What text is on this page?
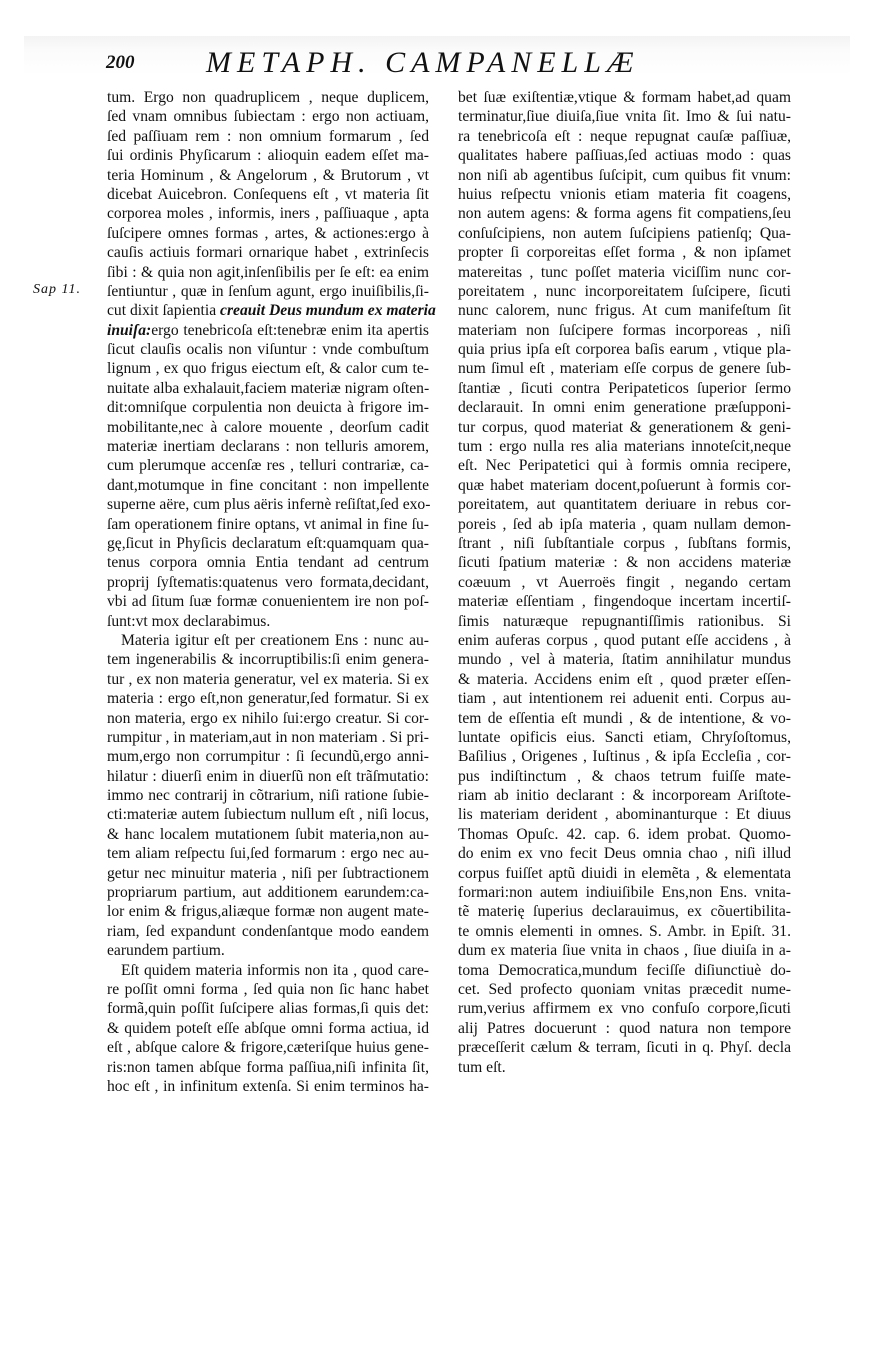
200 METAPH. CAMPANELLÆ
Sap 11.
tum. Ergo non quadruplicem , neque duplicem,
ſed vnam omnibus ſubiectam : ergo non actiuam,
ſed paſſiuam rem : non omnium formarum , ſed
ſui ordinis Phyſicarum : alioquin eadem eſſet ma-
teria Hominum , & Angelorum , & Brutorum , vt
dicebat Auicebron. Conſequens eſt , vt materia ſit
corporea moles , informis, iners , paſſiuaque , apta
ſuſcipere omnes formas , artes, & actiones:ergo à
cauſis actiuis formari ornarique habet , extrinſecis
ſibi : & quia non agit,inſenſibilis per ſe eſt: ea enim
ſentiuntur , quæ in ſenſum agunt, ergo inuiſibilis,ſi-
cut dixit ſapientia creauit Deus mundum ex materia
inuiſa:ergo tenebricoſa eſt:tenebræ enim ita apertis
ſicut clauſis ocalis non viſuntur : vnde combuſtum
lignum , ex quo frigus eiectum eſt, & calor cum te-
nuitate alba exhalauit,faciem materiæ nigram oſten-
dit:omniſque corpulentia non deuicta à frigore im-
mobilitante,nec à calore mouente , deorſum cadit
materiæ inertiam declarans : non telluris amorem,
cum plerumque accenſæ res , telluri contrariæ, ca-
dant,motumque in fine concitant : non impellente
superne aëre, cum plus aëris infernè reſiſtat,ſed exo-
ſam operationem finire optans, vt animal in fine ſu-
gę,ſicut in Phyſicis declaratum eſt:quamquam qua-
tenus corpora omnia Entia tendant ad centrum
proprij ſyſtematis:quatenus vero formata,decidant,
vbi ad ſitum ſuæ formæ conuenientem ire non poſ-
ſunt:vt mox declarabimus.
Materia igitur eſt per creationem Ens : nunc au-
tem ingenerabilis & incorruptibilis:ſi enim genera-
tur , ex non materia generatur, vel ex materia. Si ex
materia : ergo eſt,non generatur,ſed formatur. Si ex
non materia, ergo ex nihilo ſui:ergo creatur. Si cor-
rumpitur , in materiam,aut in non materiam . Si pri-
mum,ergo non corrumpitur : ſi ſecundũ,ergo anni-
hilatur : diuerſi enim in diuerſũ non eſt trãſmutatio:
immo nec contrarij in cõtrarium, niſi ratione ſubie-
cti:materiæ autem ſubiectum nullum eſt , niſi locus,
& hanc localem mutationem ſubit materia,non au-
tem aliam reſpectu ſui,ſed formarum : ergo nec au-
getur nec minuitur materia , niſi per ſubtractionem
propriarum partium, aut additionem earundem:ca-
lor enim & frigus,aliæque formæ non augent mate-
riam, ſed expandunt condenſantque modo eandem
earundem partium.
Eſt quidem materia informis non ita , quod care-
re poſſit omni forma , ſed quia non ſic hanc habet
formã,quin poſſit ſuſcipere alias formas,ſi quis det:
& quidem poteſt eſſe abſque omni forma actiua, id
eſt , abſque calore & frigore,cæteriſque huius gene-
ris:non tamen abſque forma paſſiua,niſi infinita ſit,
hoc eſt , in infinitum extenſa. Si enim terminos ha-
bet ſuæ exiſtentiæ,vtique & formam habet,ad quam
terminatur,ſiue diuiſa,ſiue vnita ſit. Imo & ſui natu-
ra tenebricoſa eſt : neque repugnat cauſæ paſſiuæ,
qualitates habere paſſiuas,ſed actiuas modo : quas
non niſi ab agentibus ſuſcipit, cum quibus fit vnum:
huius reſpectu vnionis etiam materia fit coagens,
non autem agens: & forma agens fit compatiens,ſeu
conſuſcipiens, non autem ſuſcipiens patienſq; Qua-
propter ſi corporeitas eſſet forma , & non ipſamet
matereitas , tunc poſſet materia viciſſim nunc cor-
poreitatem , nunc incorporeitatem ſuſcipere, ſicuti
nunc calorem, nunc frigus. At cum manifeſtum ſit
materiam non ſuſcipere formas incorporeas , niſi
quia prius ipſa eſt corporea baſis earum , vtique pla-
num ſimul eſt , materiam eſſe corpus de genere ſub-
ſtantiæ , ſicuti contra Peripateticos ſuperior ſermo
declarauit. In omni enim generatione præſupponi-
tur corpus, quod materiat & generationem & geni-
tum : ergo nulla res alia materians innoteſcit,neque
eſt. Nec Peripatetici qui à formis omnia recipere,
quæ habet materiam docent,poſuerunt à formis cor-
poreitatem, aut quantitatem deriuare in rebus cor-
poreis , ſed ab ipſa materia , quam nullam demon-
ſtrant , niſi ſubſtantiale corpus , ſubſtans formis,
ſicuti ſpatium materiæ : & non accidens materiæ
coæuum , vt Auerroës fingit , negando certam
materiæ eſſentiam , fingendoque incertam incertiſ-
ſimis naturæque repugnantiſſimis rationibus. Si
enim auferas corpus , quod putant eſſe accidens , à
mundo , vel à materia, ſtatim annihilatur mundus
& materia. Accidens enim eſt , quod præter eſſen-
tiam , aut intentionem rei aduenit enti. Corpus au-
tem de eſſentia eſt mundi , & de intentione, & vo-
luntate opificis eius. Sancti etiam, Chryſoſtomus,
Baſilius , Origenes , Iuſtinus , & ipſa Eccleſia , cor-
pus indiſtinctum , & chaos tetrum fuiſſe mate-
riam ab initio declarant : & incorpoream Ariſtote-
lis materiam derident , abominanturque : Et diuus
Thomas Opuſc. 42. cap. 6. idem probat. Quomo-
do enim ex vno fecit Deus omnia chao , niſi illud
corpus fuiſſet aptũ diuidi in elemẽta , & elementata
formari:non autem indiuiſibile Ens,non Ens. vnita-
tẽ materię ſuperius declarauimus, ex cõuertibilita-
te omnis elementi in omnes. S. Ambr. in Epiſt. 31.
dum ex materia ſiue vnita in chaos , ſiue diuiſa in a-
toma Democratica,mundum feciſſe diſiunctiuè do-
cet. Sed profecto quoniam vnitas præcedit nume-
rum,verius affirmem ex vno confuſo corpore,ſicuti
alij Patres docuerunt : quod natura non tempore
præceſſerit cælum & terram, ſicuti in q. Phyſ. decla
tum eſt.
